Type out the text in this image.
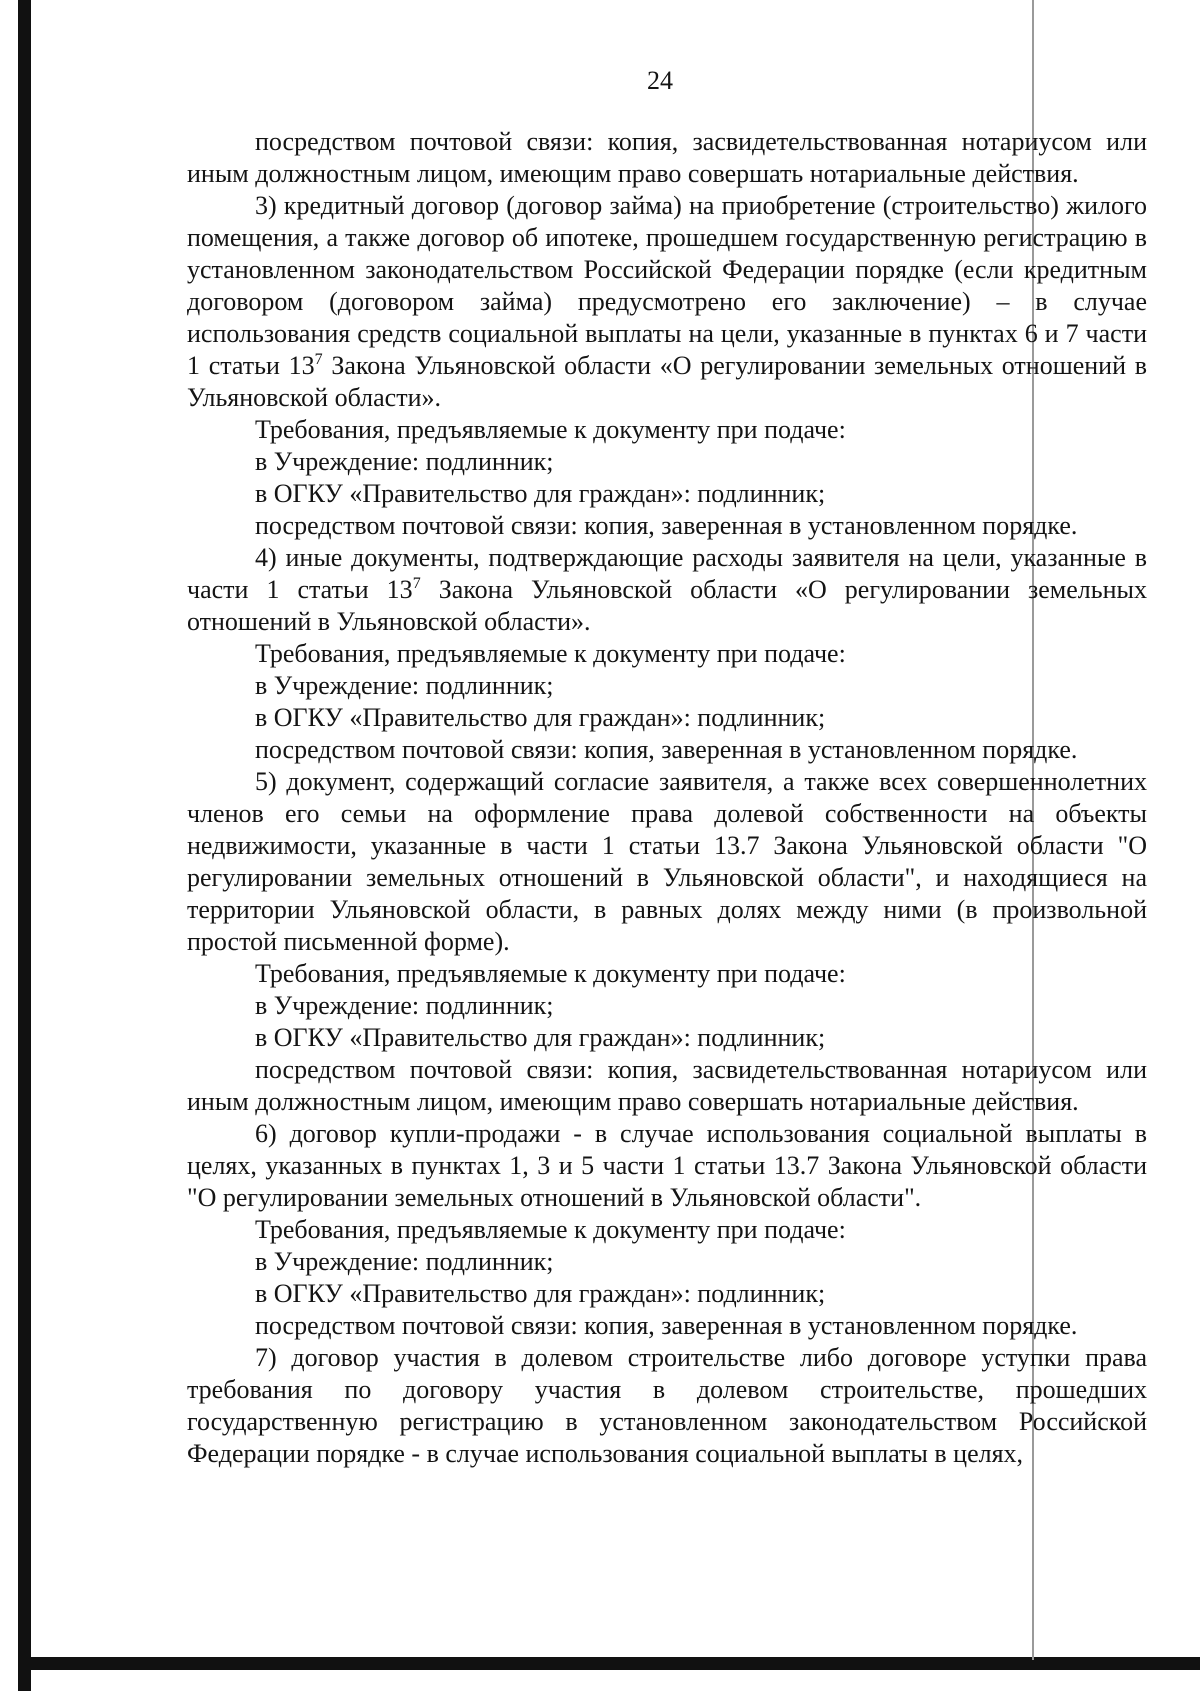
24

посредством почтовой связи: копия, засвидетельствованная нотариусом или иным должностным лицом, имеющим право совершать нотариальные действия.

3) кредитный договор (договор займа) на приобретение (строительство) жилого помещения, а также договор об ипотеке, прошедшем государственную регистрацию в установленном законодательством Российской Федерации порядке (если кредитным договором (договором займа) предусмотрено его заключение) – в случае использования средств социальной выплаты на цели, указанные в пунктах 6 и 7 части 1 статьи $13^7$ Закона Ульяновской области «О регулировании земельных отношений в Ульяновской области».

Требования, предъявляемые к документу при подаче:

в Учреждение: подлинник;

в ОГКУ «Правительство для граждан»: подлинник;

посредством почтовой связи: копия, заверенная в установленном порядке.

4) иные документы, подтверждающие расходы заявителя на цели, указанные в части 1 статьи $13^7$ Закона Ульяновской области «О регулировании земельных отношений в Ульяновской области».

Требования, предъявляемые к документу при подаче:

в Учреждение: подлинник;

в ОГКУ «Правительство для граждан»: подлинник;

посредством почтовой связи: копия, заверенная в установленном порядке.

5) документ, содержащий согласие заявителя, а также всех совершеннолетних членов его семьи на оформление права долевой собственности на объекты недвижимости, указанные в части 1 статьи 13.7 Закона Ульяновской области "О регулировании земельных отношений в Ульяновской области", и находящиеся на территории Ульяновской области, в равных долях между ними (в произвольной простой письменной форме).

Требования, предъявляемые к документу при подаче:

в Учреждение: подлинник;

в ОГКУ «Правительство для граждан»: подлинник;

посредством почтовой связи: копия, засвидетельствованная нотариусом или иным должностным лицом, имеющим право совершать нотариальные действия.

6) договор купли-продажи - в случае использования социальной выплаты в целях, указанных в пунктах 1, 3 и 5 части 1 статьи 13.7 Закона Ульяновской области "О регулировании земельных отношений в Ульяновской области".

Требования, предъявляемые к документу при подаче:

в Учреждение: подлинник;

в ОГКУ «Правительство для граждан»: подлинник;

посредством почтовой связи: копия, заверенная в установленном порядке.

7) договор участия в долевом строительстве либо договоре уступки права требования по договору участия в долевом строительстве, прошедших государственную регистрацию в установленном законодательством Российской Федерации порядке - в случае использования социальной выплаты в целях,
